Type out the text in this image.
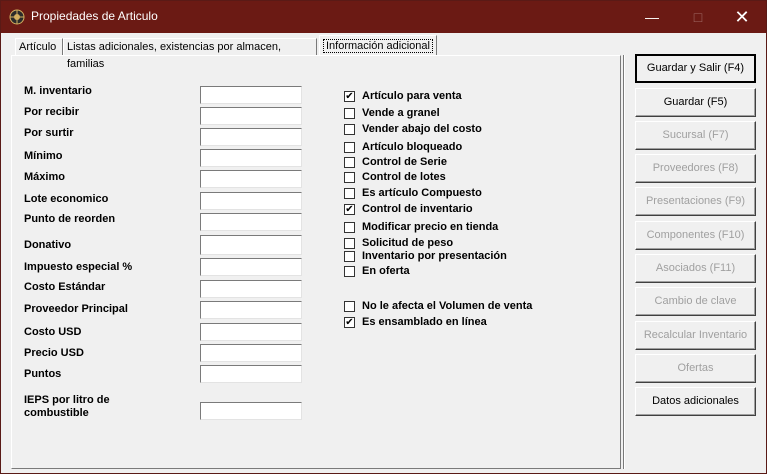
Propiedades de Articulo	—	□	✕
Artículo Listas adicionales, existencias por almacen, familias
Información adicional
M. inventario
Por recibir
Por surtir
Mínimo
Máximo
Lote economico
Punto de reorden
Donativo
Impuesto especial %
Costo Estándar
Proveedor Principal
Costo USD
Precio USD
Puntos
IEPS por litro de combustible
✔ Artículo para venta
Vende a granel
Vender abajo del costo
Artículo bloqueado
Control de Serie
Control de lotes
Es artículo Compuesto
✔ Control de inventario
Modificar precio en tienda
Solicitud de peso
Inventario por presentación
En oferta
No le afecta el Volumen de venta
✔ Es ensamblado en línea
Guardar y Salir (F4)
Guardar (F5)
Sucursal (F7)
Proveedores (F8)
Presentaciones (F9)
Componentes (F10)
Asociados (F11)
Cambio de clave
Recalcular Inventario
Ofertas
Datos adicionales
